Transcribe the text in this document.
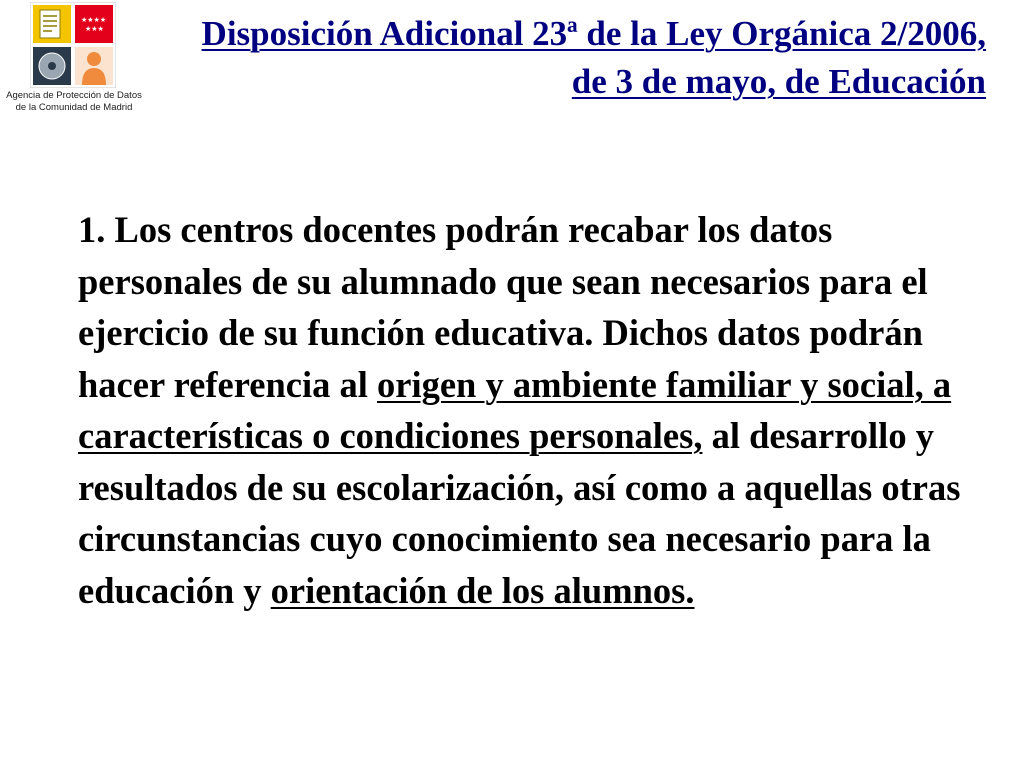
★★★★
★★★
Agencia de Protección de Datos
de la Comunidad de Madrid
Disposición Adicional 23ª de la Ley Orgánica 2/2006, de 3 de mayo, de Educación

1. Los centros docentes podrán recabar los datos personales de su alumnado que sean necesarios para el ejercicio de su función educativa. Dichos datos podrán hacer referencia al origen y ambiente familiar y social, a características o condiciones personales, al desarrollo y resultados de su escolarización, así como a aquellas otras circunstancias cuyo conocimiento sea necesario para la educación y orientación de los alumnos.
